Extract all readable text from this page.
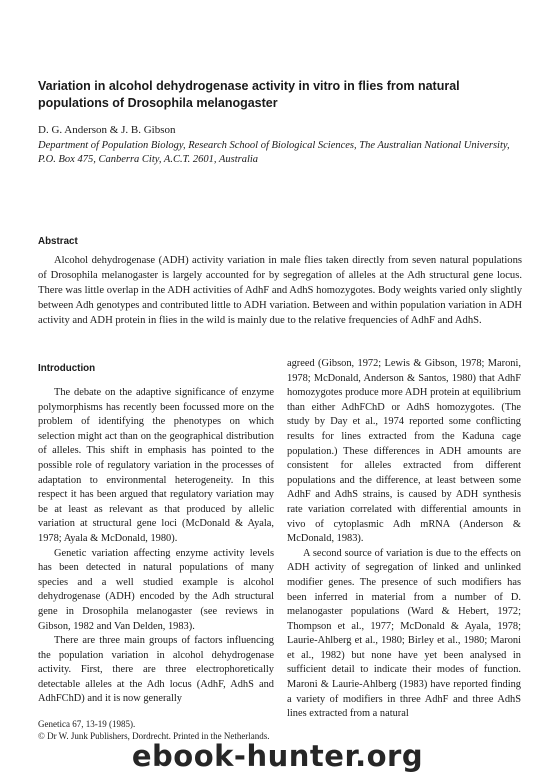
Variation in alcohol dehydrogenase activity in vitro in flies from natural populations of Drosophila melanogaster
D. G. Anderson & J. B. Gibson
Department of Population Biology, Research School of Biological Sciences, The Australian National University, P.O. Box 475, Canberra City, A.C.T. 2601, Australia
Abstract
Alcohol dehydrogenase (ADH) activity variation in male flies taken directly from seven natural populations of Drosophila melanogaster is largely accounted for by segregation of alleles at the Adh structural gene locus. There was little overlap in the ADH activities of AdhF and AdhS homozygotes. Body weights varied only slightly between Adh genotypes and contributed little to ADH variation. Between and within population variation in ADH activity and ADH protein in flies in the wild is mainly due to the relative frequencies of AdhF and AdhS.
Introduction

The debate on the adaptive significance of enzyme polymorphisms has recently been focussed more on the problem of identifying the phenotypes on which selection might act than on the geographical distribution of alleles. This shift in emphasis has pointed to the possible role of regulatory variation in the processes of adaptation to environmental heterogeneity. In this respect it has been argued that regulatory variation may be at least as relevant as that produced by allelic variation at structural gene loci (McDonald & Ayala, 1978; Ayala & McDonald, 1980).

Genetic variation affecting enzyme activity levels has been detected in natural populations of many species and a well studied example is alcohol dehydrogenase (ADH) encoded by the Adh structural gene in Drosophila melanogaster (see reviews in Gibson, 1982 and Van Delden, 1983).

There are three main groups of factors influencing the population variation in alcohol dehydrogenase activity. First, there are three electrophoretically detectable alleles at the Adh locus (AdhF, AdhS and AdhFChD) and it is now generally

agreed (Gibson, 1972; Lewis & Gibson, 1978; Maroni, 1978; McDonald, Anderson & Santos, 1980) that AdhF homozygotes produce more ADH protein at equilibrium than either AdhFChD or AdhS homozygotes. (The study by Day et al., 1974 reported some conflicting results for lines extracted from the Kaduna cage population.) These differences in ADH amounts are consistent for alleles extracted from different populations and the difference, at least between some AdhF and AdhS strains, is caused by ADH synthesis rate variation correlated with differential amounts in vivo of cytoplasmic Adh mRNA (Anderson & McDonald, 1983).

A second source of variation is due to the effects on ADH activity of segregation of linked and unlinked modifier genes. The presence of such modifiers has been inferred in material from a number of D. melanogaster populations (Ward & Hebert, 1972; Thompson et al., 1977; McDonald & Ayala, 1978; Laurie-Ahlberg et al., 1980; Birley et al., 1980; Maroni et al., 1982) but none have yet been analysed in sufficient detail to indicate their modes of function. Maroni & Laurie-Ahlberg (1983) have reported finding a variety of modifiers in three AdhF and three AdhS lines extracted from a natural

Genetica 67, 13-19 (1985).
© Dr W. Junk Publishers, Dordrecht. Printed in the Netherlands.
ebook-hunter.org
